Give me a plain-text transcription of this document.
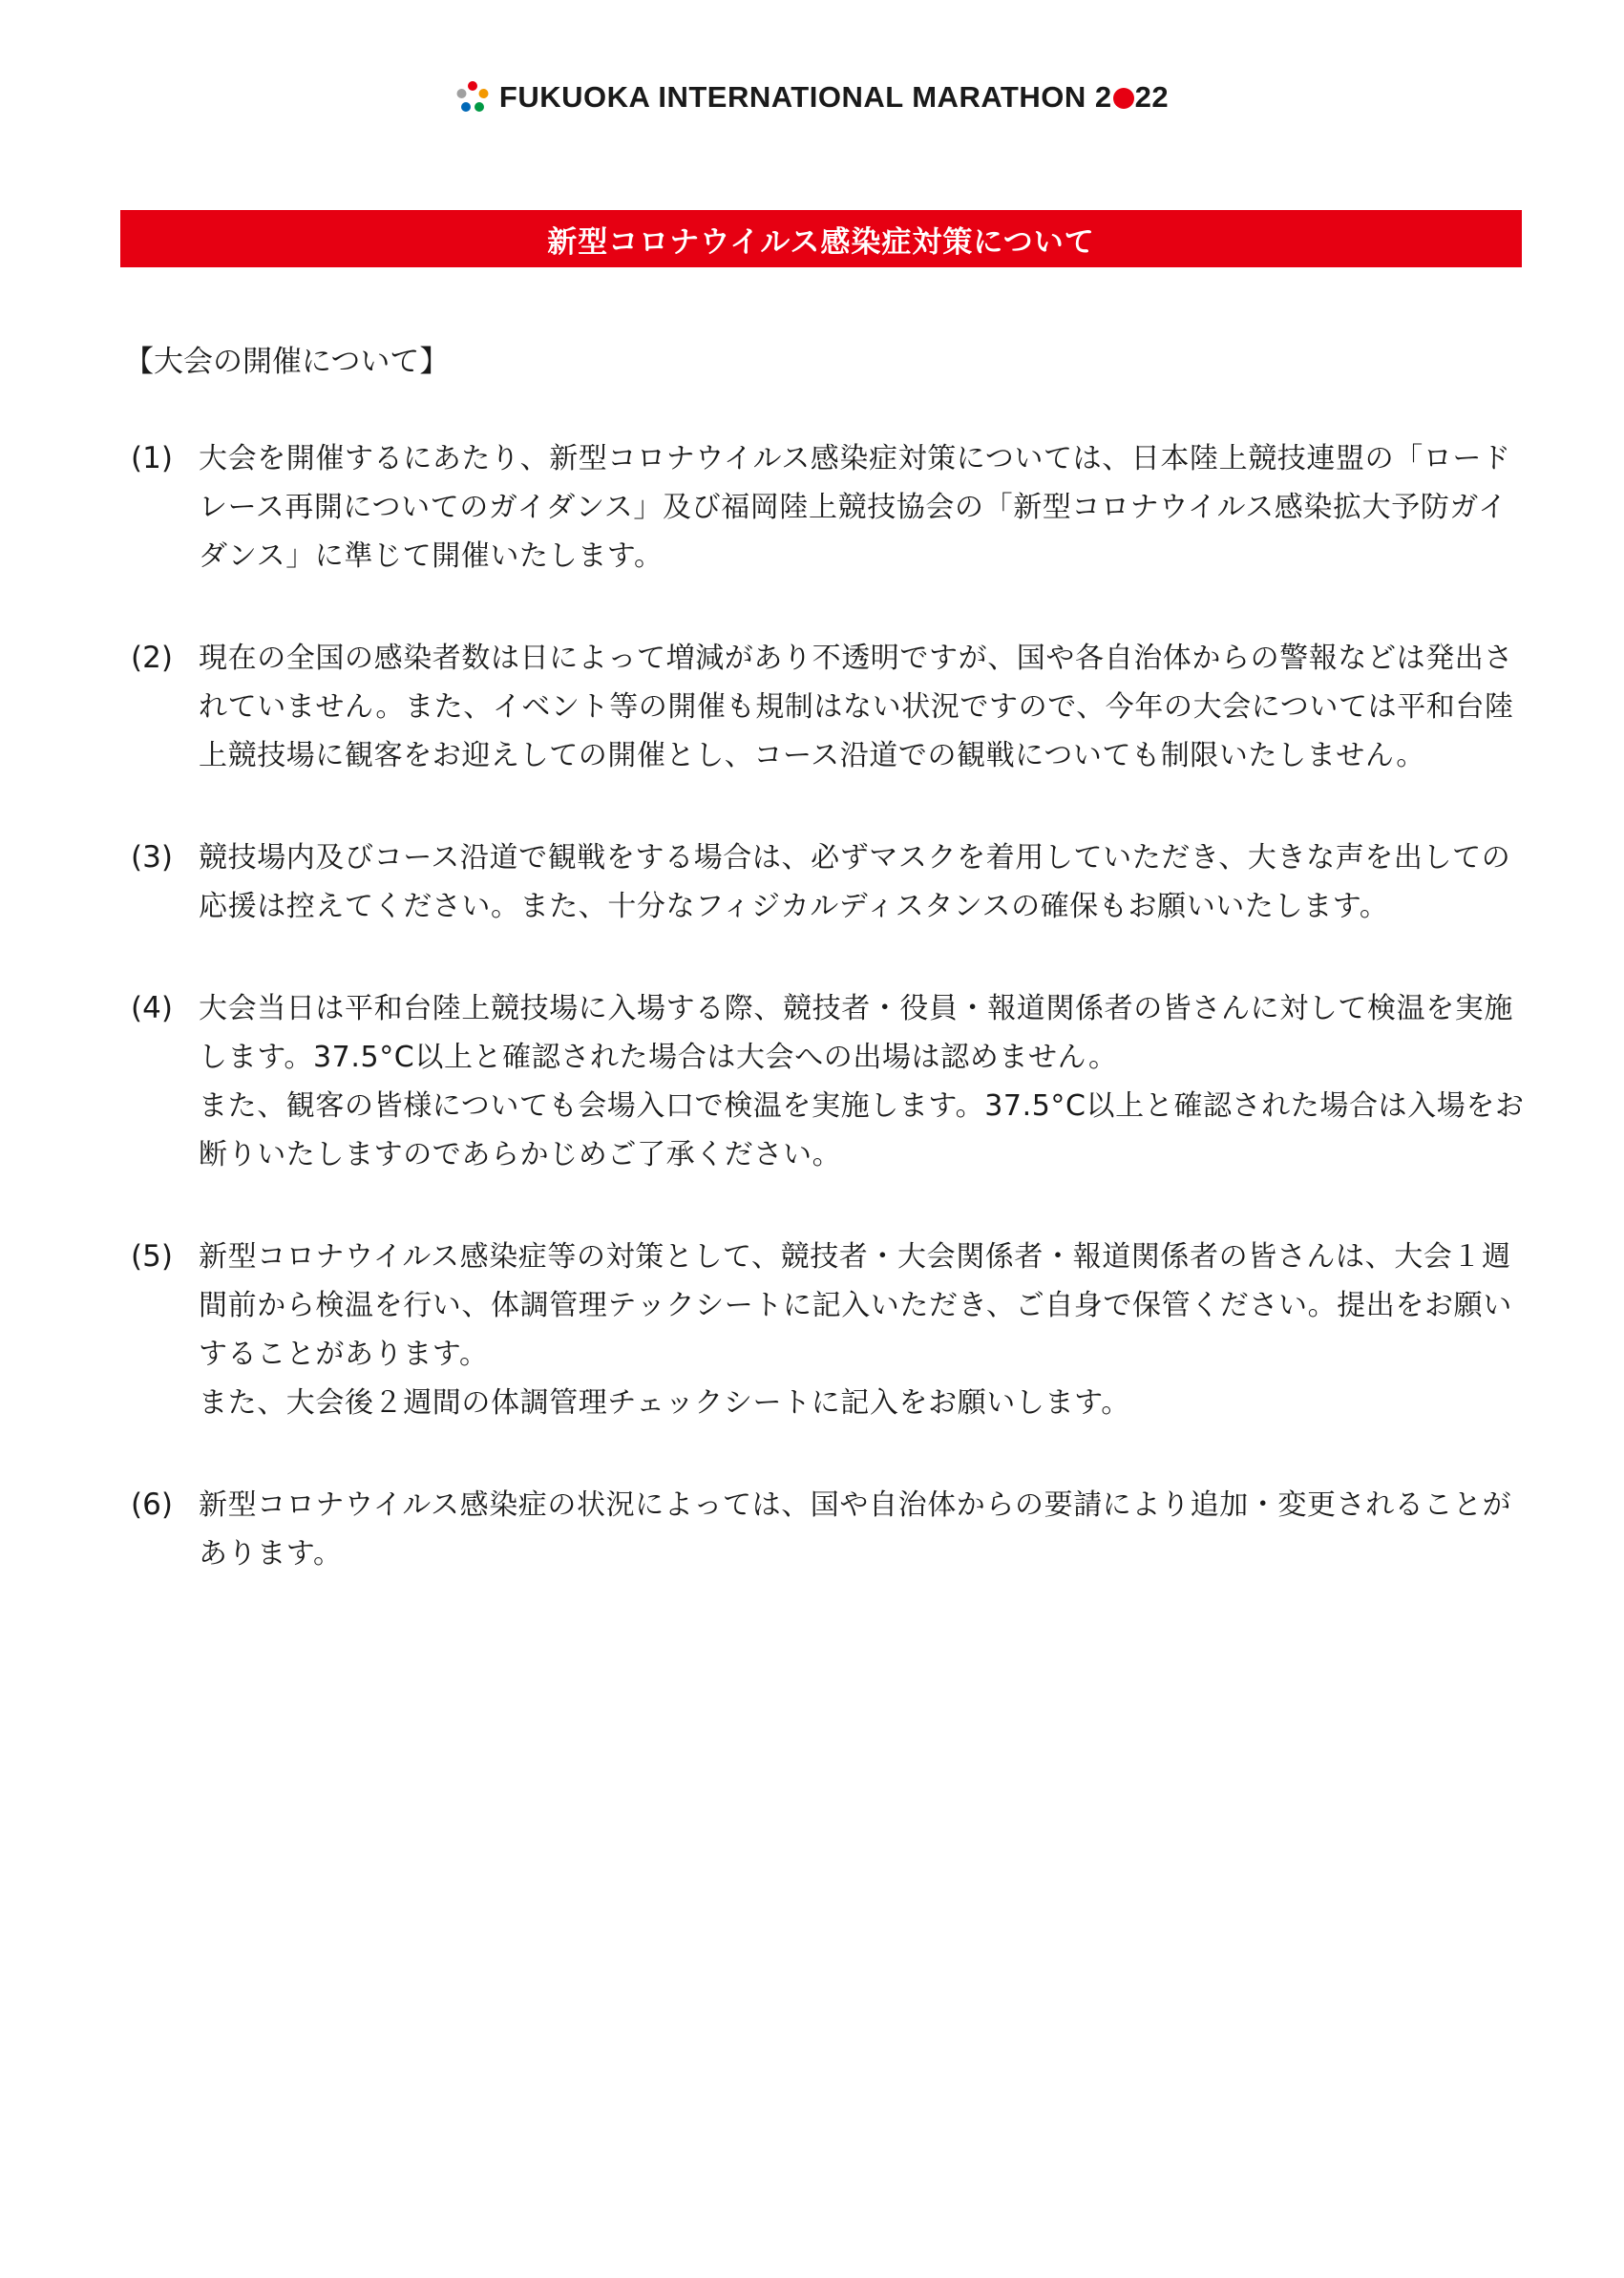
FUKUOKA INTERNATIONAL MARATHON 2 22
新型コロナウイルス感染症対策について
【大会の開催について】
(1) 大会を開催するにあたり、新型コロナウイルス感染症対策については、日本陸上競技連盟の「ロードレース再開についてのガイダンス」及び福岡陸上競技協会の「新型コロナウイルス感染拡大予防ガイダンス」に準じて開催いたします。
(2) 現在の全国の感染者数は日によって増減があり不透明ですが、国や各自治体からの警報などは発出されていません。また、イベント等の開催も規制はない状況ですので、今年の大会については平和台陸上競技場に観客をお迎えしての開催とし、コース沿道での観戦についても制限いたしません。
(3) 競技場内及びコース沿道で観戦をする場合は、必ずマスクを着用していただき、大きな声を出しての応援は控えてください。また、十分なフィジカルディスタンスの確保もお願いいたします。
(4) 大会当日は平和台陸上競技場に入場する際、競技者・役員・報道関係者の皆さんに対して検温を実施します。37.5°C以上と確認された場合は大会への出場は認めません。
また、観客の皆様についても会場入口で検温を実施します。37.5°C以上と確認された場合は入場をお断りいたしますのであらかじめご了承ください。
(5) 新型コロナウイルス感染症等の対策として、競技者・大会関係者・報道関係者の皆さんは、大会１週間前から検温を行い、体調管理テックシートに記入いただき、ご自身で保管ください。提出をお願いすることがあります。
また、大会後２週間の体調管理チェックシートに記入をお願いします。
(6) 新型コロナウイルス感染症の状況によっては、国や自治体からの要請により追加・変更されることがあります。
